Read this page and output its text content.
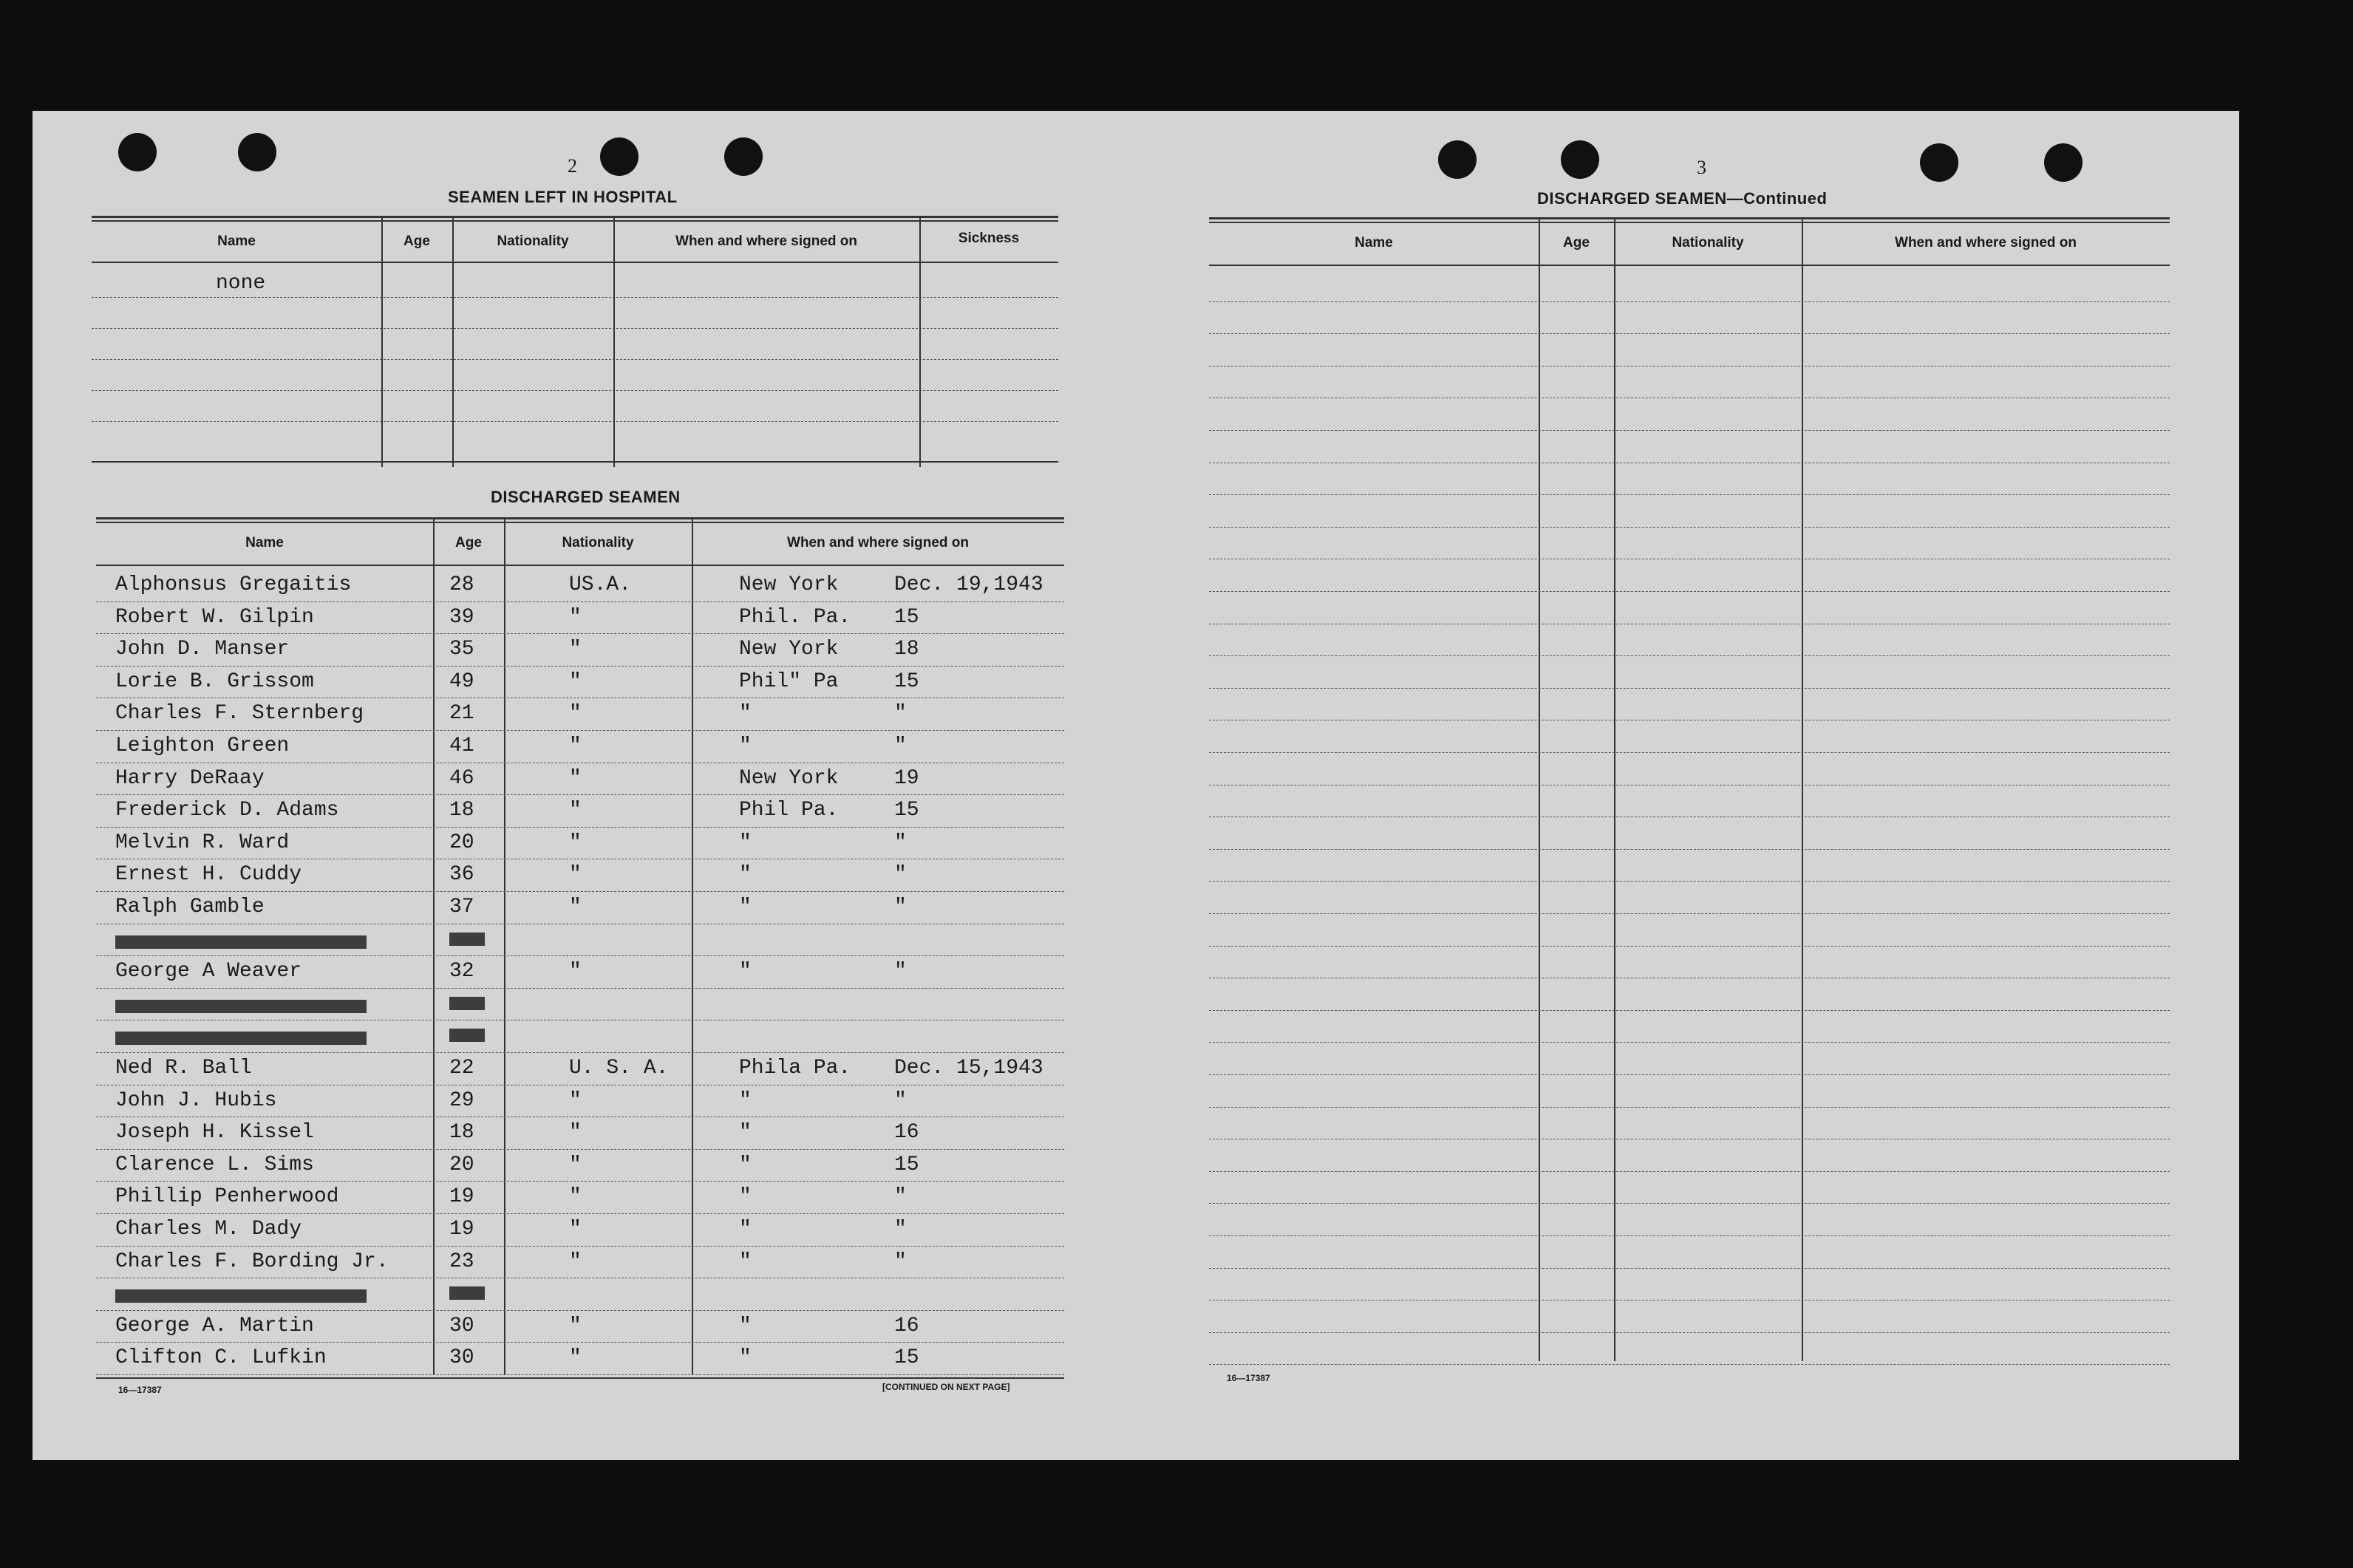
2
SEAMEN LEFT IN HOSPITAL
Name	Age	Nationality	When and where signed on	Sickness
none
DISCHARGED SEAMEN
Name	Age	Nationality	When and where signed on
Alphonsus Gregaitis	28	US.A.	New York	Dec. 19,1943
Robert W. Gilpin	39	"	Phil. Pa. 15
John D. Manser	35	"	New York	18
Lorie B. Grissom	49	"	Phil" Pa	15
Charles F. Sternberg	21	"	"	"
Leighton Green	41	"	"	"
Harry DeRaay	46	"	New York	19
Frederick D. Adams	18	"	Phil Pa.	15
Melvin R. Ward	20	"	"	"
Ernest H. Cuddy	36	"	"	"
Ralph Gamble	37	"	"	"
George A Weaver	32	"	"	"
Ned R. Ball	22	U. S. A.	Phila Pa. Dec. 15,1943
John J. Hubis	29	"	"	"
Joseph H. Kissel	18	"	"	16
Clarence L. Sims	20	"	"	15
Phillip Penherwood	19	"	"	"
Charles M. Dady	19	"	"	"
Charles F. Bording Jr.	23	"	"	"
George A. Martin	30	"	"	16
Clifton C. Lufkin	30	"	"	15
16—17387	[CONTINUED ON NEXT PAGE]
3
DISCHARGED SEAMEN—Continued
Name	Age	Nationality	When and where signed on
16—17387
